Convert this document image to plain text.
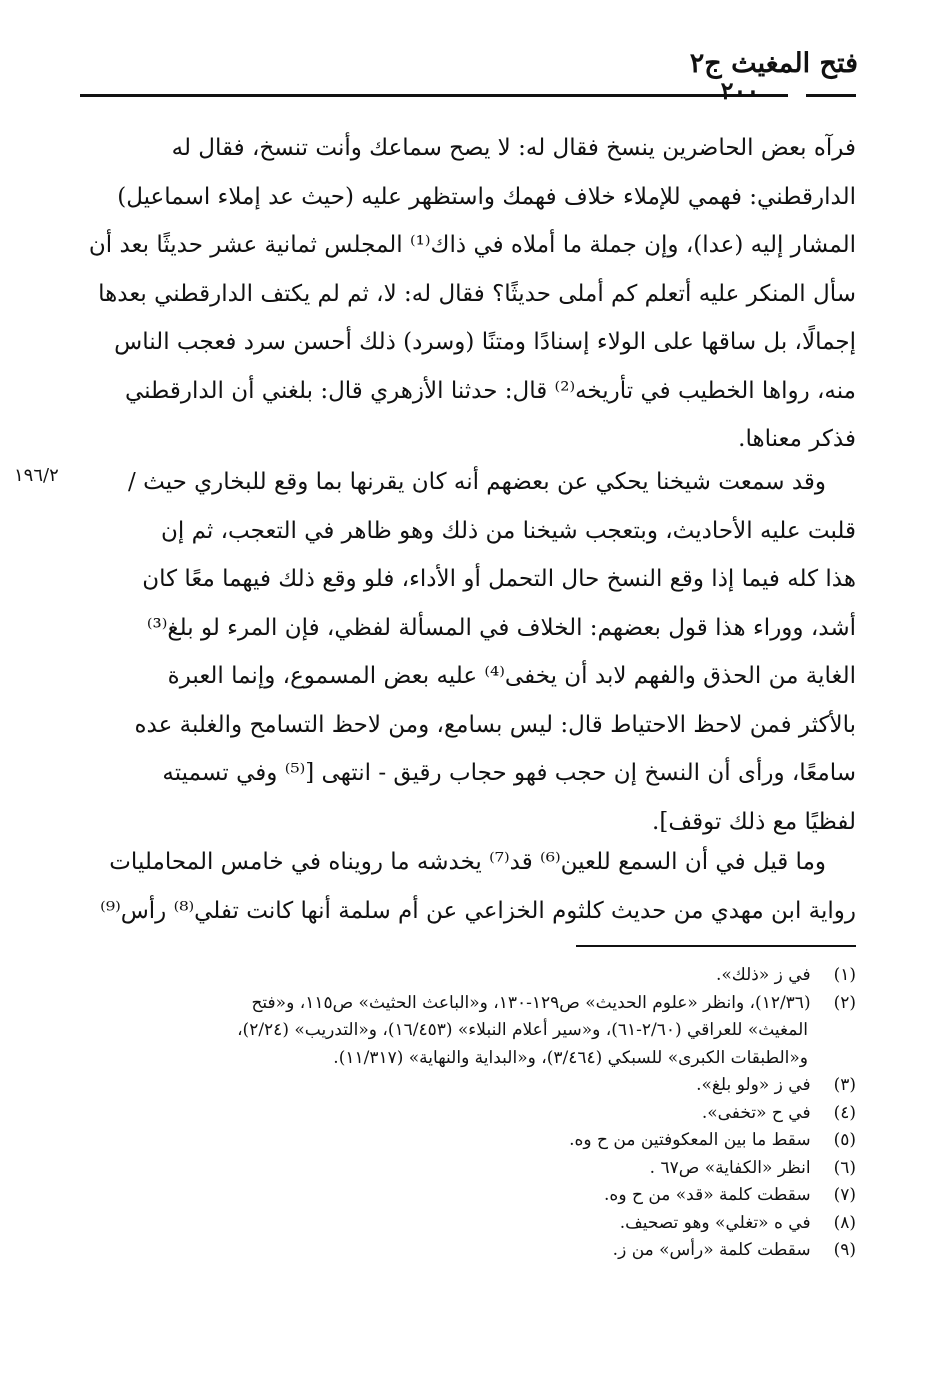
فتح المغيث ج٢
٢٠٠
١٩٦/٢
فرآه بعض الحاضرين ينسخ فقال له: لا يصح سماعك وأنت تنسخ، فقال له
الدارقطني: فهمي للإملاء خلاف فهمك واستظهر عليه (حيث عد إملاء اسماعيل)
المشار إليه (عدا)، وإن جملة ما أملاه في ذاك⁽¹⁾ المجلس ثمانية عشر حديثًا بعد أن
سأل المنكر عليه أتعلم كم أملى حديثًا؟ فقال له: لا، ثم لم يكتف الدارقطني بعدها
إجمالًا، بل ساقها على الولاء إسنادًا ومتنًا (وسرد) ذلك أحسن سرد فعجب الناس
منه، رواها الخطيب في تأريخه⁽²⁾ قال: حدثنا الأزهري قال: بلغني أن الدارقطني
فذكر معناها.
وقد سمعت شيخنا يحكي عن بعضهم أنه كان يقرنها بما وقع للبخاري حيث /
قلبت عليه الأحاديث، وبتعجب شيخنا من ذلك وهو ظاهر في التعجب، ثم إن
هذا كله فيما إذا وقع النسخ حال التحمل أو الأداء، فلو وقع ذلك فيهما معًا كان
أشد، ووراء هذا قول بعضهم: الخلاف في المسألة لفظي، فإن المرء لو بلغ⁽³⁾
الغاية من الحذق والفهم لابد أن يخفى⁽⁴⁾ عليه بعض المسموع، وإنما العبرة
بالأكثر فمن لاحظ الاحتياط قال: ليس بسامع، ومن لاحظ التسامح والغلبة عده
سامعًا، ورأى أن النسخ إن حجب فهو حجاب رقيق - انتهى [⁽⁵⁾ وفي تسميته
لفظيًا مع ذلك توقف].
وما قيل في أن السمع للعين⁽⁶⁾ قد⁽⁷⁾ يخدشه ما رويناه في خامس المحامليات
رواية ابن مهدي من حديث كلثوم الخزاعي عن أم سلمة أنها كانت تفلي⁽⁸⁾ رأس⁽⁹⁾
(١) في ز «ذلك».
(٢) (١٢/٣٦)، وانظر «علوم الحديث» ص١٢٩-١٣٠، و«الباعث الحثيث» ص١١٥، و«فتح
المغيث» للعراقي (٢/٦٠-٦١)، و«سير أعلام النبلاء» (١٦/٤٥٣)، و«التدريب» (٢/٢٤)،
و«الطبقات الكبرى» للسبكي (٣/٤٦٤)، و«البداية والنهاية» (١١/٣١٧).
(٣) في ز «ولو بلغ».
(٤) في ح «تخفى».
(٥) سقط ما بين المعكوفتين من ح وه.
(٦) انظر «الكفاية» ص٦٧ .
(٧) سقطت كلمة «قد» من ح وه.
(٨) في ه «تغلي» وهو تصحيف.
(٩) سقطت كلمة «رأس» من ز.
